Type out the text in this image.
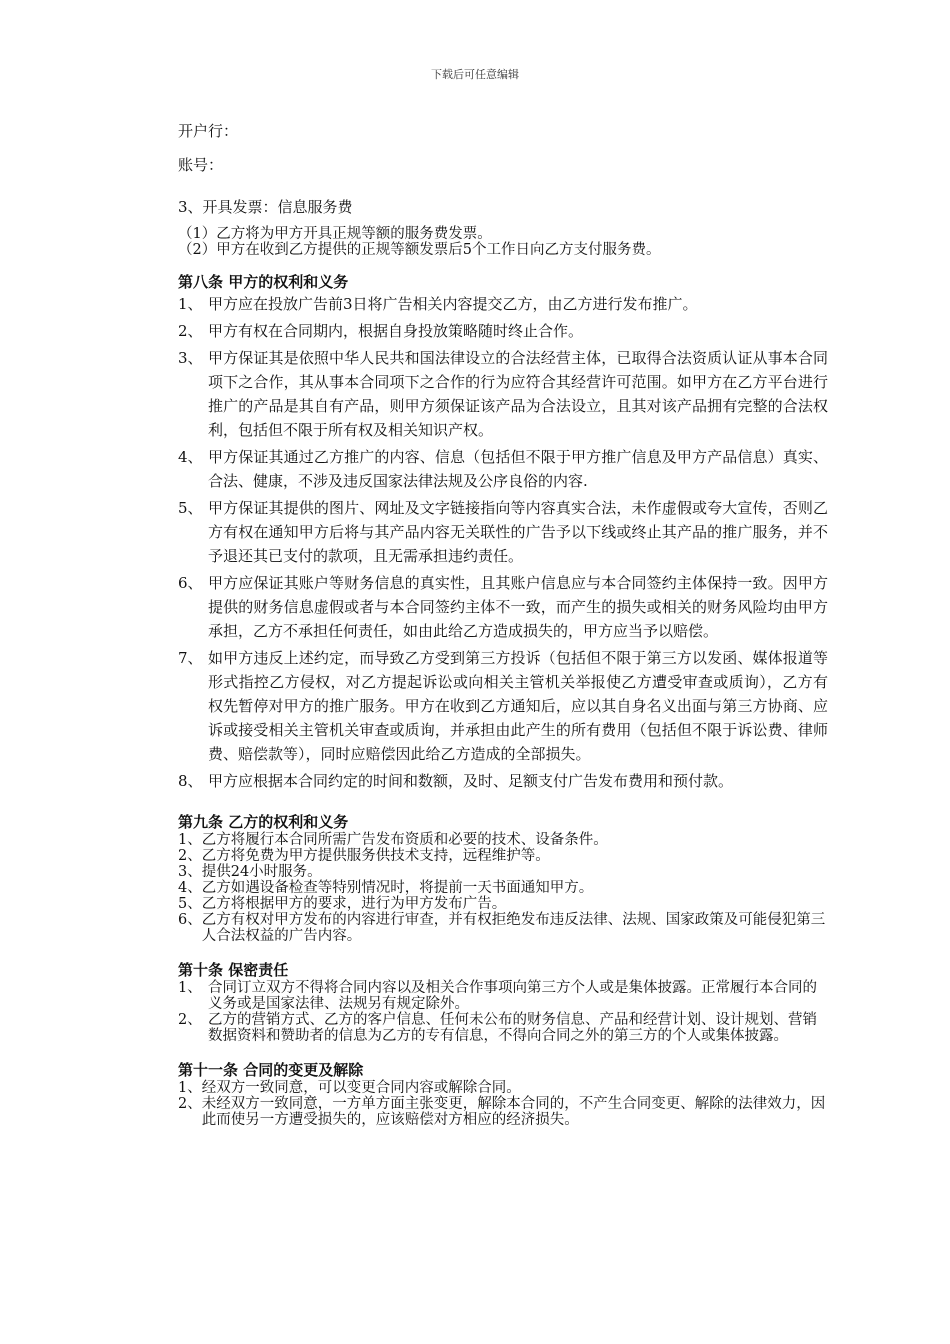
下载后可任意编辑

开户行：

账号：

3、开具发票：信息服务费

（1）乙方将为甲方开具正规等额的服务费发票。

（2）甲方在收到乙方提供的正规等额发票后5个工作日向乙方支付服务费。

第八条 甲方的权利和义务

1、 甲方应在投放广告前3日将广告相关内容提交乙方，由乙方进行发布推广。
2、 甲方有权在合同期内，根据自身投放策略随时终止合作。
3、 甲方保证其是依照中华人民共和国法律设立的合法经营主体，已取得合法资质认证从事本合同项下之合作，其从事本合同项下之合作的行为应符合其经营许可范围。如甲方在乙方平台进行推广的产品是其自有产品，则甲方须保证该产品为合法设立，且其对该产品拥有完整的合法权利，包括但不限于所有权及相关知识产权。
4、 甲方保证其通过乙方推广的内容、信息（包括但不限于甲方推广信息及甲方产品信息）真实、合法、健康，不涉及违反国家法律法规及公序良俗的内容.
5、 甲方保证其提供的图片、网址及文字链接指向等内容真实合法，未作虚假或夸大宣传，否则乙方有权在通知甲方后将与其产品内容无关联性的广告予以下线或终止其产品的推广服务，并不予退还其已支付的款项，且无需承担违约责任。
6、 甲方应保证其账户等财务信息的真实性，且其账户信息应与本合同签约主体保持一致。因甲方提供的财务信息虚假或者与本合同签约主体不一致，而产生的损失或相关的财务风险均由甲方承担，乙方不承担任何责任，如由此给乙方造成损失的，甲方应当予以赔偿。
7、 如甲方违反上述约定，而导致乙方受到第三方投诉（包括但不限于第三方以发函、媒体报道等形式指控乙方侵权，对乙方提起诉讼或向相关主管机关举报使乙方遭受审查或质询），乙方有权先暂停对甲方的推广服务。甲方在收到乙方通知后，应以其自身名义出面与第三方协商、应诉或接受相关主管机关审查或质询，并承担由此产生的所有费用（包括但不限于诉讼费、律师费、赔偿款等），同时应赔偿因此给乙方造成的全部损失。
8、 甲方应根据本合同约定的时间和数额，及时、足额支付广告发布费用和预付款。

第九条 乙方的权利和义务

1、 乙方将履行本合同所需广告发布资质和必要的技术、设备条件。
2、 乙方将免费为甲方提供服务供技术支持，远程维护等。
3、 提供24小时服务。
4、 乙方如遇设备检查等特别情况时，将提前一天书面通知甲方。
5、 乙方将根据甲方的要求，进行为甲方发布广告。
6、 乙方有权对甲方发布的内容进行审查，并有权拒绝发布违反法律、法规、国家政策及可能侵犯第三人合法权益的广告内容。

第十条 保密责任

1、 合同订立双方不得将合同内容以及相关合作事项向第三方个人或是集体披露。正常履行本合同的义务或是国家法律、法规另有规定除外。
2、 乙方的营销方式、乙方的客户信息、任何未公布的财务信息、产品和经营计划、设计规划、营销数据资料和赞助者的信息为乙方的专有信息，不得向合同之外的第三方的个人或集体披露。

第十一条 合同的变更及解除

1、 经双方一致同意，可以变更合同内容或解除合同。
2、 未经双方一致同意，一方单方面主张变更，解除本合同的，不产生合同变更、解除的法律效力，因此而使另一方遭受损失的，应该赔偿对方相应的经济损失。
